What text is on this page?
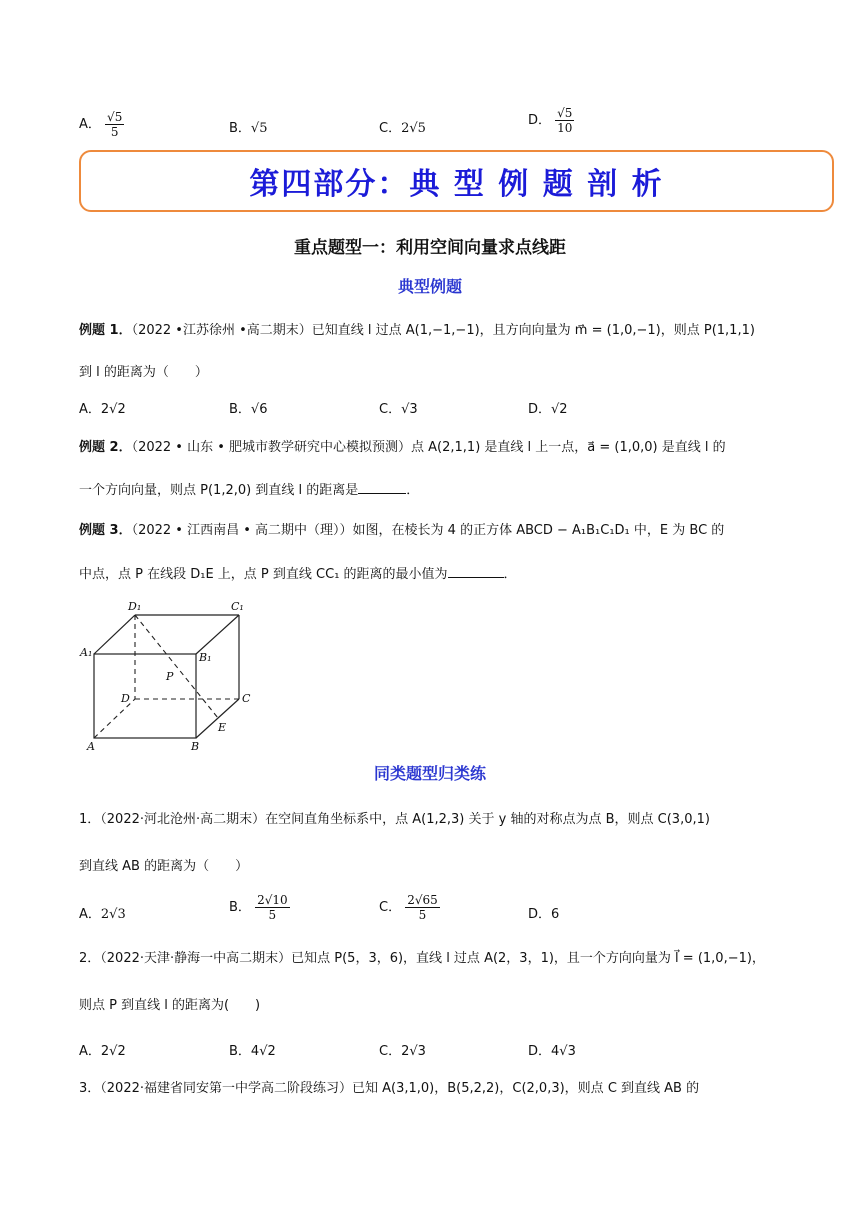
A． $\frac{√5}{5}$	B．√5	C．2√5
D． $\frac{√5}{10}$
第四部分：典 型 例 题 剖 析
重点题型一：利用空间向量求点线距
典型例题
例题 1．（2022 •江苏徐州 •高二期末）已知直线 l 过点 A(1,−1,−1)，且方向向量为 m⃗ = (1,0,−1)，则点 P(1,1,1)
到 l 的距离为（　　）
A．2√2	B．√6	C．√3	D．√2
例题 2．（2022 • 山东 • 肥城市教学研究中心模拟预测）点 A(2,1,1) 是直线 l 上一点，a⃗ = (1,0,0) 是直线 l 的
一个方向向量，则点 P(1,2,0) 到直线 l 的距离是	．
例题 3．（2022 • 江西南昌 • 高二期中（理））如图，在棱长为 4 的正方体 ABCD − A₁B₁C₁D₁ 中，E 为 BC 的
中点，点 P 在线段 D₁E 上，点 P 到直线 CC₁ 的距离的最小值为	．
D₁	C₁
A₁	B₁
P
D	C
E
A	B
同类题型归类练
1．（2022·河北沧州·高二期末）在空间直角坐标系中，点 A(1,2,3) 关于 y 轴的对称点为点 B，则点 C(3,0,1)
到直线 AB 的距离为（　　）
A．2√3	B． $\frac{2√10}{5}$	C． $\frac{2√65}{5}$	D．6
2．（2022·天津·静海一中高二期末）已知点 P(5，3，6)，直线 l 过点 A(2，3，1)，且一个方向向量为 l⃗ = (1,0,−1)，
则点 P 到直线 l 的距离为(　　)
A．2√2	B．4√2	C．2√3	D．4√3
3．（2022·福建省同安第一中学高二阶段练习）已知 A(3,1,0)，B(5,2,2)，C(2,0,3)，则点 C 到直线 AB 的
